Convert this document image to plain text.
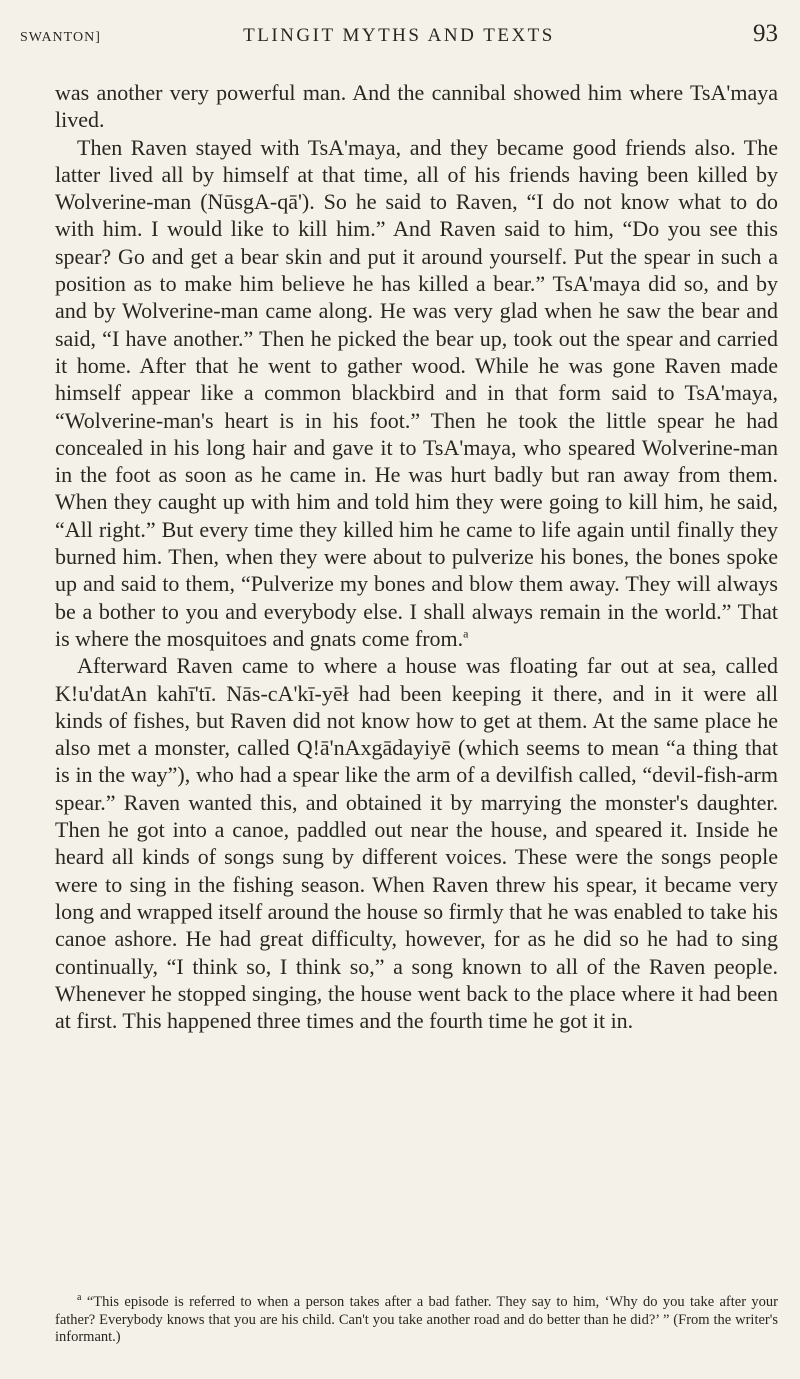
SWANTON]	TLINGIT MYTHS AND TEXTS	93

was another very powerful man. And the cannibal showed him where TsA'maya lived.

Then Raven stayed with TsA'maya, and they became good friends also. The latter lived all by himself at that time, all of his friends having been killed by Wolverine-man (NūsgA-qā'). So he said to Raven, “I do not know what to do with him. I would like to kill him.” And Raven said to him, “Do you see this spear? Go and get a bear skin and put it around yourself. Put the spear in such a position as to make him believe he has killed a bear.” TsA'maya did so, and by and by Wolverine-man came along. He was very glad when he saw the bear and said, “I have another.” Then he picked the bear up, took out the spear and carried it home. After that he went to gather wood. While he was gone Raven made himself appear like a common blackbird and in that form said to TsA'maya, “Wolverine-man's heart is in his foot.” Then he took the little spear he had concealed in his long hair and gave it to TsA'maya, who speared Wolverine-man in the foot as soon as he came in. He was hurt badly but ran away from them. When they caught up with him and told him they were going to kill him, he said, “All right.” But every time they killed him he came to life again until finally they burned him. Then, when they were about to pulverize his bones, the bones spoke up and said to them, “Pulverize my bones and blow them away. They will always be a bother to you and everybody else. I shall always remain in the world.” That is where the mosquitoes and gnats come from.$^a$

Afterward Raven came to where a house was floating far out at sea, called K!u'datAn kahī'tī. Nās-cA'kī-yēł had been keeping it there, and in it were all kinds of fishes, but Raven did not know how to get at them. At the same place he also met a monster, called Q!ā'nAxgādayiyē (which seems to mean “a thing that is in the way”), who had a spear like the arm of a devilfish called, “devil-fish-arm spear.” Raven wanted this, and obtained it by marrying the monster's daughter. Then he got into a canoe, paddled out near the house, and speared it. Inside he heard all kinds of songs sung by different voices. These were the songs people were to sing in the fishing season. When Raven threw his spear, it became very long and wrapped itself around the house so firmly that he was enabled to take his canoe ashore. He had great difficulty, however, for as he did so he had to sing continually, “I think so, I think so,” a song known to all of the Raven people. Whenever he stopped singing, the house went back to the place where it had been at first. This happened three times and the fourth time he got it in.

$^a$ “This episode is referred to when a person takes after a bad father. They say to him, ‘Why do you take after your father? Everybody knows that you are his child. Can't you take another road and do better than he did?’ ” (From the writer's informant.)
